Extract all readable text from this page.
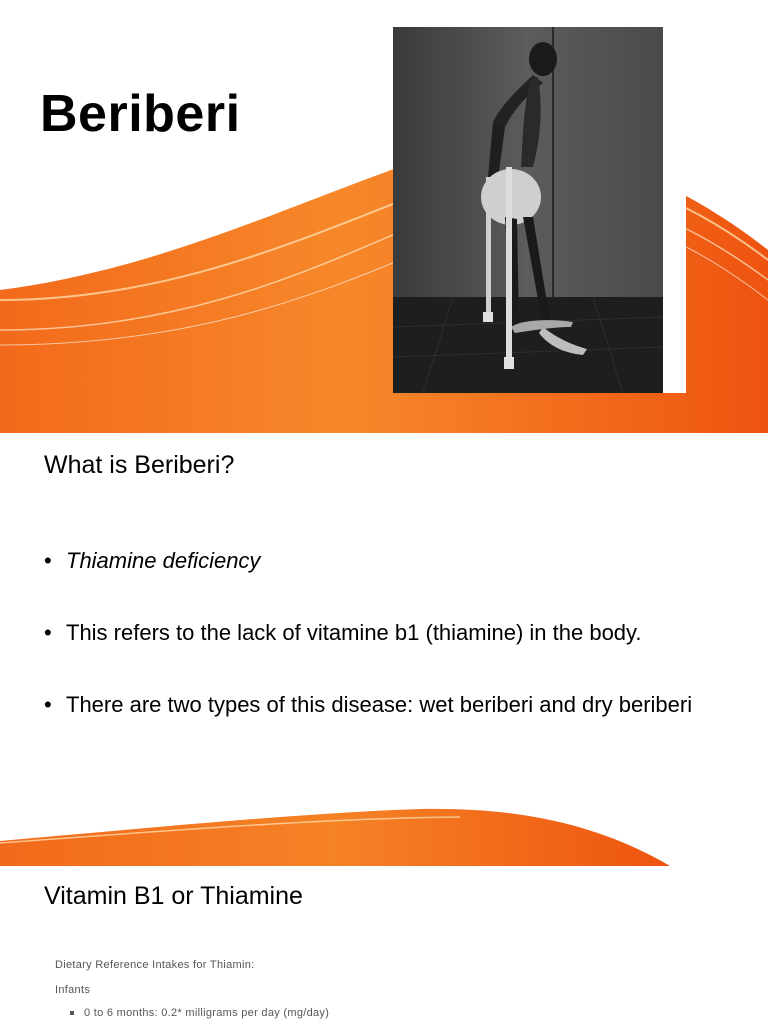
Beriberi
What is Beriberi?
• Thiamine deficiency
• This refers to the lack of vitamine b1 (thiamine) in the body.
• There are two types of this disease: wet beriberi and dry beriberi
Vitamin B1 or Thiamine

Dietary Reference Intakes for Thiamin:

Infants

0 to 6 months: 0.2* milligrams per day (mg/day)
